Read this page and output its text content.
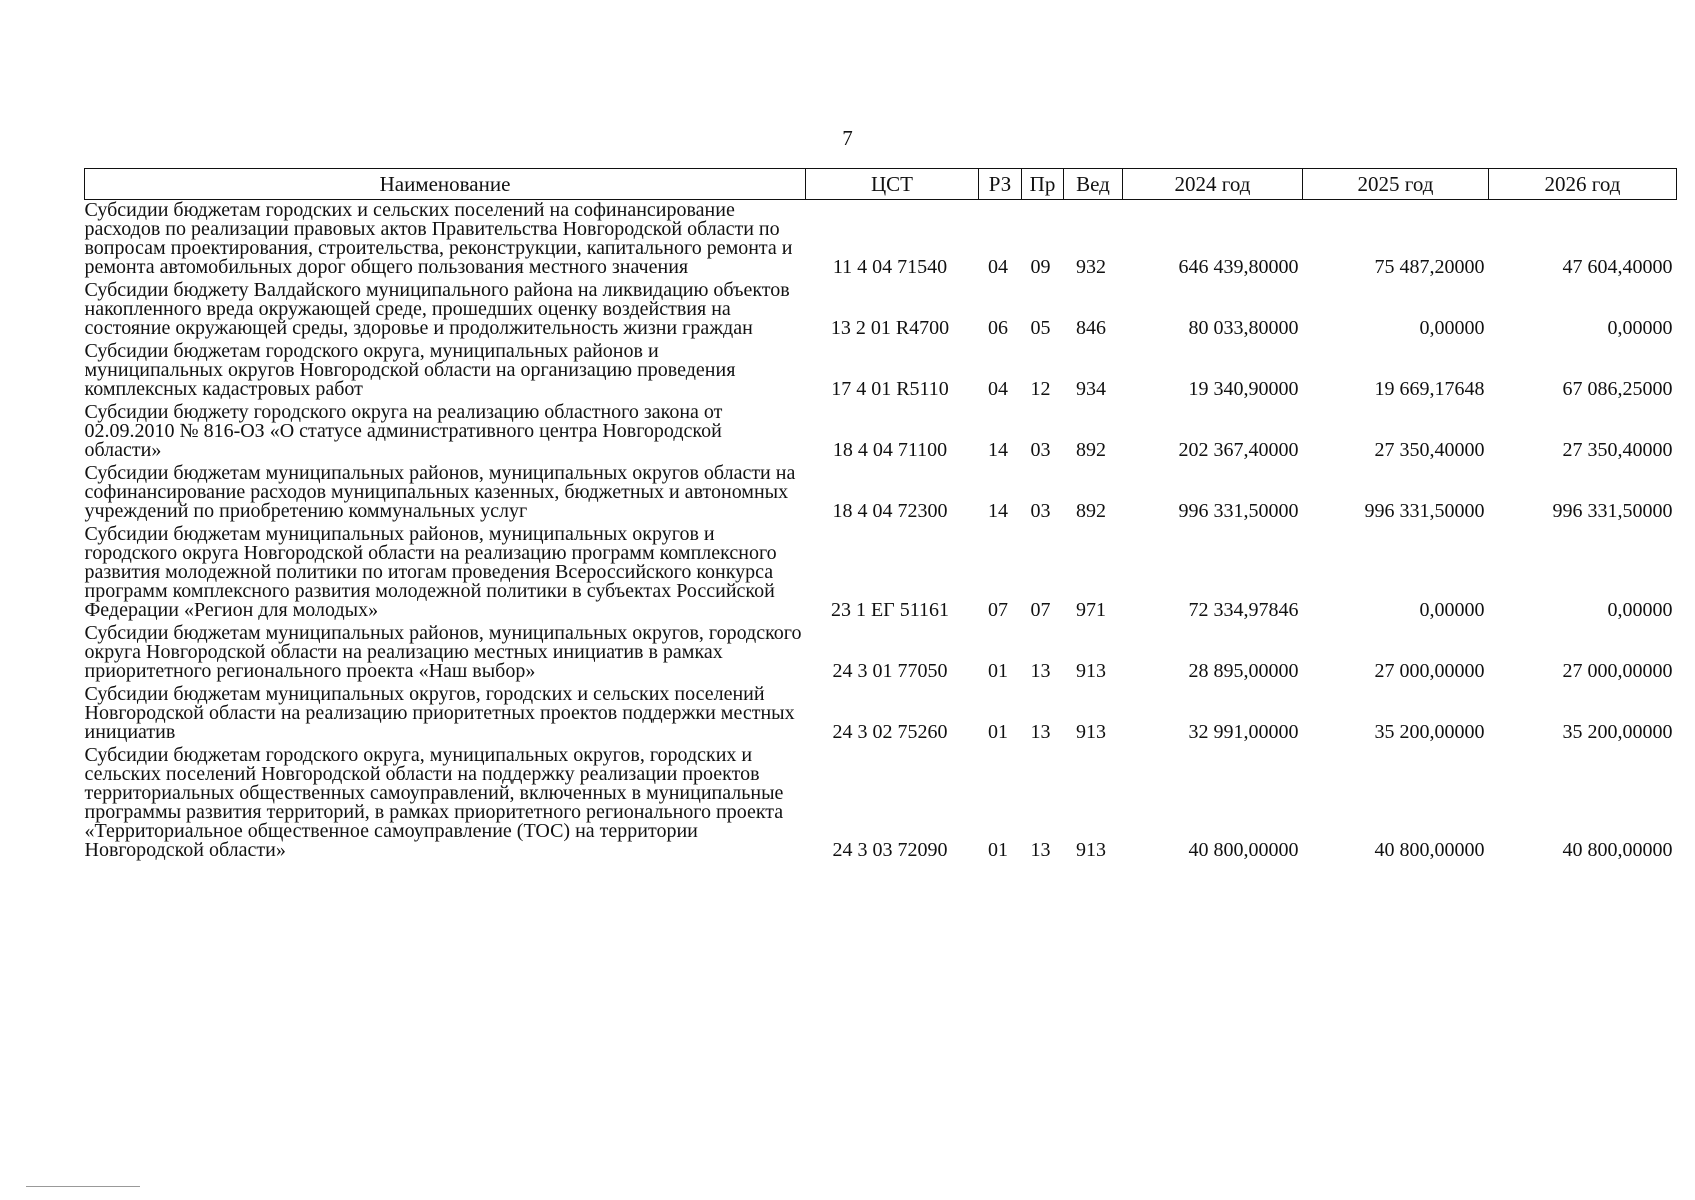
7
Наименование	ЦСТ	РЗ	Пр	Вед	2024 год	2025 год	2026 год
Субсидии бюджетам городских и сельских поселений на софинансирование расходов по реализации правовых актов Правительства Новгородской области по вопросам проектирования, строительства, реконструкции, капитального ремонта и ремонта автомобильных дорог общего пользования местного значения	11 4 04 71540	04	09	932	646 439,80000	75 487,20000	47 604,40000
Субсидии бюджету Валдайского муниципального района на ликвидацию объектов накопленного вреда окружающей среде, прошедших оценку воздействия на состояние окружающей среды, здоровье и продолжительность жизни граждан	13 2 01 R4700	06	05	846	80 033,80000	0,00000	0,00000
Субсидии бюджетам городского округа, муниципальных районов и муниципальных округов Новгородской области на организацию проведения комплексных кадастровых работ	17 4 01 R5110	04	12	934	19 340,90000	19 669,17648	67 086,25000
Субсидии бюджету городского округа на реализацию областного закона от 02.09.2010 № 816-ОЗ «О статусе административного центра Новгородской области»	18 4 04 71100	14	03	892	202 367,40000	27 350,40000	27 350,40000
Субсидии бюджетам муниципальных районов, муниципальных округов области на софинансирование расходов муниципальных казенных, бюджетных и автономных учреждений по приобретению коммунальных услуг	18 4 04 72300	14	03	892	996 331,50000	996 331,50000	996 331,50000
Субсидии бюджетам муниципальных районов, муниципальных округов и городского округа Новгородской области на реализацию программ комплексного развития молодежной политики по итогам проведения Всероссийского конкурса программ комплексного развития молодежной политики в субъектах Российской Федерации «Регион для молодых»	23 1 ЕГ 51161	07	07	971	72 334,97846	0,00000	0,00000
Субсидии бюджетам муниципальных районов, муниципальных округов, городского округа Новгородской области на реализацию местных инициатив в рамках приоритетного регионального проекта «Наш выбор»	24 3 01 77050	01	13	913	28 895,00000	27 000,00000	27 000,00000
Субсидии бюджетам муниципальных округов, городских и сельских поселений Новгородской области на реализацию приоритетных проектов поддержки местных инициатив	24 3 02 75260	01	13	913	32 991,00000	35 200,00000	35 200,00000
Субсидии бюджетам городского округа, муниципальных округов, городских и сельских поселений Новгородской области на поддержку реализации проектов территориальных общественных самоуправлений, включенных в муниципальные программы развития территорий, в рамках приоритетного регионального проекта «Территориальное общественное самоуправление (ТОС) на территории Новгородской области»	24 3 03 72090	01	13	913	40 800,00000	40 800,00000	40 800,00000
